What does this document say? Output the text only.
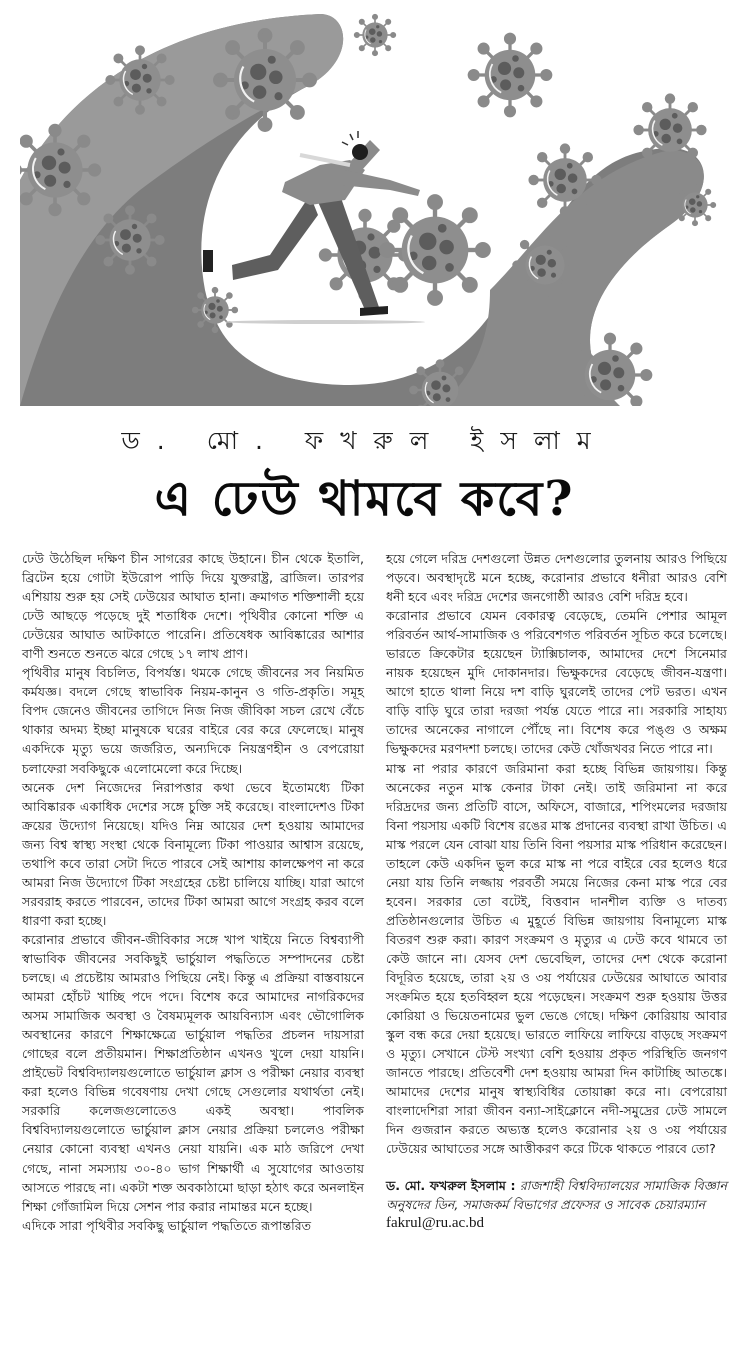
ড. মো. ফখরুল ইসলাম
এ ঢেউ থামবে কবে?

ঢেউ উঠেছিল দক্ষিণ চীন সাগরের কাছে উহানে। চীন থেকে ইতালি, ব্রিটেন হয়ে গোটা ইউরোপ পাড়ি দিয়ে যুক্তরাষ্ট্র, ব্রাজিল। তারপর এশিয়ায় শুরু হয় সেই ঢেউয়ের আঘাত হানা। ক্রমাগত শক্তিশালী হয়ে ঢেউ আছড়ে পড়েছে দুই শতাধিক দেশে। পৃথিবীর কোনো শক্তি এ ঢেউয়ের আঘাত আটকাতে পারেনি। প্রতিষেধক আবিষ্কারের আশার বাণী শুনতে শুনতে ঝরে গেছে ১৭ লাখ প্রাণ।

পৃথিবীর মানুষ বিচলিত, বিপর্যস্ত। থমকে গেছে জীবনের সব নিয়মিত কর্মযজ্ঞ। বদলে গেছে স্বাভাবিক নিয়ম-কানুন ও গতি-প্রকৃতি। সমূহ বিপদ জেনেও জীবনের তাগিদে নিজ নিজ জীবিকা সচল রেখে বেঁচে থাকার অদম্য ইচ্ছা মানুষকে ঘরের বাইরে বের করে ফেলেছে। মানুষ একদিকে মৃত্যু ভয়ে জর্জরিত, অন্যদিকে নিয়ন্ত্রণহীন ও বেপরোয়া চলাফেরা সবকিছুকে এলোমেলো করে দিচ্ছে।

অনেক দেশ নিজেদের নিরাপত্তার কথা ভেবে ইতোমধ্যে টিকা আবিষ্কারক একাধিক দেশের সঙ্গে চুক্তি সই করেছে। বাংলাদেশও টিকা ক্রয়ের উদ্যোগ নিয়েছে। যদিও নিম্ন আয়ের দেশ হওয়ায় আমাদের জন্য বিশ্ব স্বাস্থ্য সংস্থা থেকে বিনামূল্যে টিকা পাওয়ার আশ্বাস রয়েছে, তথাপি কবে তারা সেটা দিতে পারবে সেই আশায় কালক্ষেপণ না করে আমরা নিজ উদ্যোগে টিকা সংগ্রহের চেষ্টা চালিয়ে যাচ্ছি। যারা আগে সরবরাহ করতে পারবেন, তাদের টিকা আমরা আগে সংগ্রহ করব বলে ধারণা করা হচ্ছে।

করোনার প্রভাবে জীবন-জীবিকার সঙ্গে খাপ খাইয়ে নিতে বিশ্বব্যাপী স্বাভাবিক জীবনের সবকিছুই ভার্চুয়াল পদ্ধতিতে সম্পাদনের চেষ্টা চলছে। এ প্রচেষ্টায় আমরাও পিছিয়ে নেই। কিন্তু এ প্রক্রিয়া বাস্তবায়নে আমরা হোঁচট খাচ্ছি পদে পদে। বিশেষ করে আমাদের নাগরিকদের অসম সামাজিক অবস্থা ও বৈষম্যমূলক আয়বিন্যাস এবং ভৌগোলিক অবস্থানের কারণে শিক্ষাক্ষেত্রে ভার্চুয়াল পদ্ধতির প্রচলন দায়সারা গোছের বলে প্রতীয়মান। শিক্ষাপ্রতিষ্ঠান এখনও খুলে দেয়া যায়নি। প্রাইভেট বিশ্ববিদ্যালয়গুলোতে ভার্চুয়াল ক্লাস ও পরীক্ষা নেয়ার ব্যবস্থা করা হলেও বিভিন্ন গবেষণায় দেখা গেছে সেগুলোর যথার্থতা নেই। সরকারি কলেজগুলোতেও একই অবস্থা। পাবলিক বিশ্ববিদ্যালয়গুলোতে ভার্চুয়াল ক্লাস নেয়ার প্রক্রিয়া চললেও পরীক্ষা নেয়ার কোনো ব্যবস্থা এখনও নেয়া যায়নি। এক মাঠ জরিপে দেখা গেছে, নানা সমস্যায় ৩০-৪০ ভাগ শিক্ষার্থী এ সুযোগের আওতায় আসতে পারছে না। একটা শক্ত অবকাঠামো ছাড়া হঠাৎ করে অনলাইন শিক্ষা গোঁজামিল দিয়ে সেশন পার করার নামান্তর মনে হচ্ছে।

এদিকে সারা পৃথিবীর সবকিছু ভার্চুয়াল পদ্ধতিতে রূপান্তরিত

হয়ে গেলে দরিদ্র দেশগুলো উন্নত দেশগুলোর তুলনায় আরও পিছিয়ে পড়বে। অবস্থাদৃষ্টে মনে হচ্ছে, করোনার প্রভাবে ধনীরা আরও বেশি ধনী হবে এবং দরিদ্র দেশের জনগোষ্ঠী আরও বেশি দরিদ্র হবে।

করোনার প্রভাবে যেমন বেকারত্ব বেড়েছে, তেমনি পেশার আমূল পরিবর্তন আর্থ-সামাজিক ও পরিবেশগত পরিবর্তন সূচিত করে চলেছে। ভারতে ক্রিকেটার হয়েছেন ট্যাক্সিচালক, আমাদের দেশে সিনেমার নায়ক হয়েছেন মুদি দোকানদার। ভিক্ষুকদের বেড়েছে জীবন-যন্ত্রণা। আগে হাতে থালা নিয়ে দশ বাড়ি ঘুরলেই তাদের পেট ভরত। এখন বাড়ি বাড়ি ঘুরে তারা দরজা পর্যন্ত যেতে পারে না। সরকারি সাহায্য তাদের অনেকের নাগালে পৌঁছে না। বিশেষ করে পঙ্গু ও অক্ষম ভিক্ষুকদের মরণদশা চলছে। তাদের কেউ খোঁজখবর নিতে পারে না।

মাস্ক না পরার কারণে জরিমানা করা হচ্ছে বিভিন্ন জায়গায়। কিন্তু অনেকের নতুন মাস্ক কেনার টাকা নেই। তাই জরিমানা না করে দরিদ্রদের জন্য প্রতিটি বাসে, অফিসে, বাজারে, শপিংমলের দরজায় বিনা পয়সায় একটি বিশেষ রঙের মাস্ক প্রদানের ব্যবস্থা রাখা উচিত। এ মাস্ক পরলে যেন বোঝা যায় তিনি বিনা পয়সার মাস্ক পরিধান করেছেন। তাহলে কেউ একদিন ভুল করে মাস্ক না পরে বাইরে বের হলেও ধরে নেয়া যায় তিনি লজ্জায় পরবর্তী সময়ে নিজের কেনা মাস্ক পরে বের হবেন। সরকার তো বটেই, বিত্তবান দানশীল ব্যক্তি ও দাতব্য প্রতিষ্ঠানগুলোর উচিত এ মুহূর্তে বিভিন্ন জায়গায় বিনামূল্যে মাস্ক বিতরণ শুরু করা। কারণ সংক্রমণ ও মৃত্যুর এ ঢেউ কবে থামবে তা কেউ জানে না। যেসব দেশ ভেবেছিল, তাদের দেশ থেকে করোনা বিদূরিত হয়েছে, তারা ২য় ও ৩য় পর্যায়ের ঢেউয়ের আঘাতে আবার সংক্রমিত হয়ে হতবিহ্বল হয়ে পড়েছেন। সংক্রমণ শুরু হওয়ায় উত্তর কোরিয়া ও ভিয়েতনামের ভুল ভেঙে গেছে। দক্ষিণ কোরিয়ায় আবার স্কুল বন্ধ করে দেয়া হয়েছে। ভারতে লাফিয়ে লাফিয়ে বাড়ছে সংক্রমণ ও মৃত্যু। সেখানে টেস্ট সংখ্যা বেশি হওয়ায় প্রকৃত পরিস্থিতি জনগণ জানতে পারছে। প্রতিবেশী দেশ হওয়ায় আমরা দিন কাটাচ্ছি আতঙ্কে। আমাদের দেশের মানুষ স্বাস্থ্যবিধির তোয়াক্কা করে না। বেপরোয়া বাংলাদেশিরা সারা জীবন বন্যা-সাইক্লোনে নদী-সমুদ্রের ঢেউ সামলে দিন গুজরান করতে অভ্যস্ত হলেও করোনার ২য় ও ৩য় পর্যায়ের ঢেউয়ের আঘাতের সঙ্গে আত্তীকরণ করে টিকে থাকতে পারবে তো?

ড. মো. ফখরুল ইসলাম : রাজশাহী বিশ্ববিদ্যালয়ের সামাজিক বিজ্ঞান অনুষদের ডিন, সমাজকর্ম বিভাগের প্রফেসর ও সাবেক চেয়ারম্যান

fakrul@ru.ac.bd
